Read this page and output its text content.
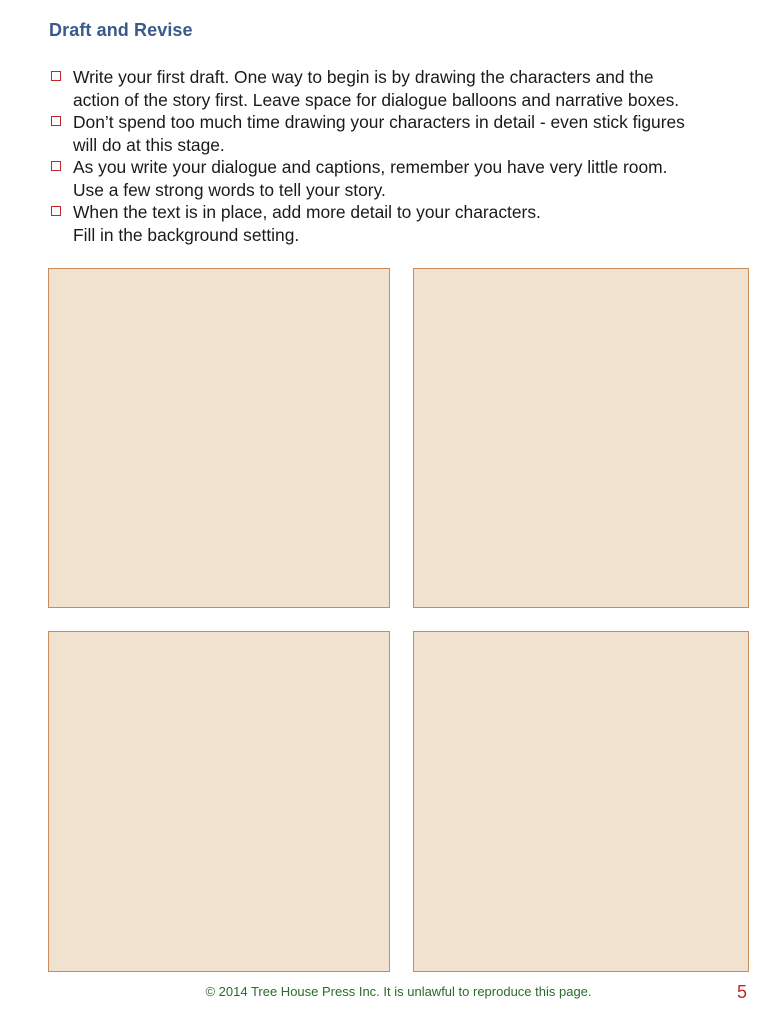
Draft and Revise
Write your first draft. One way to begin is by drawing the characters and the
action of the story first. Leave space for dialogue balloons and narrative boxes.
Don’t spend too much time drawing your characters in detail - even stick figures
will do at this stage.
As you write your dialogue and captions, remember you have very little room.
Use a few strong words to tell your story.
When the text is in place, add more detail to your characters.
Fill in the background setting.
© 2014 Tree House Press Inc. It is unlawful to reproduce this page.	5
